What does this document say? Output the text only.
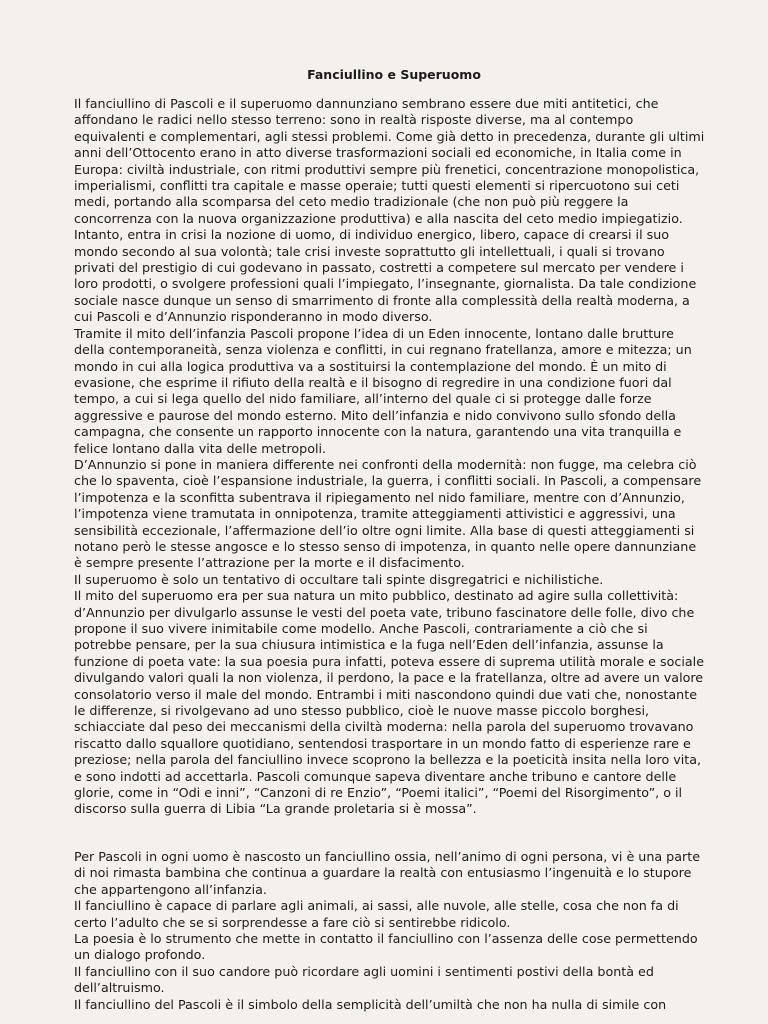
Fanciullino e Superuomo

Il fanciullino di Pascoli e il superuomo dannunziano sembrano essere due miti antitetici, che affondano le radici nello stesso terreno: sono in realtà risposte diverse, ma al contempo equivalenti e complementari, agli stessi problemi. Come già detto in precedenza, durante gli ultimi anni dell’Ottocento erano in atto diverse trasformazioni sociali ed economiche, in Italia come in Europa: civiltà industriale, con ritmi produttivi sempre più frenetici, concentrazione monopolistica, imperialismi, conflitti tra capitale e masse operaie; tutti questi elementi si ripercuotono sui ceti medi, portando alla scomparsa del ceto medio tradizionale (che non può più reggere la concorrenza con la nuova organizzazione produttiva) e alla nascita del ceto medio impiegatizio. Intanto, entra in crisi la nozione di uomo, di individuo energico, libero, capace di crearsi il suo mondo secondo al sua volontà; tale crisi investe soprattutto gli intellettuali, i quali si trovano privati del prestigio di cui godevano in passato, costretti a competere sul mercato per vendere i loro prodotti, o svolgere professioni quali l’impiegato, l’insegnante, giornalista. Da tale condizione sociale nasce dunque un senso di smarrimento di fronte alla complessità della realtà moderna, a cui Pascoli e d’Annunzio risponderanno in modo diverso.

Tramite il mito dell’infanzia Pascoli propone l’idea di un Eden innocente, lontano dalle brutture della contemporaneità, senza violenza e conflitti, in cui regnano fratellanza, amore e mitezza; un mondo in cui alla logica produttiva va a sostituirsi la contemplazione del mondo. È un mito di evasione, che esprime il rifiuto della realtà e il bisogno di regredire in una condizione fuori dal tempo, a cui si lega quello del nido familiare, all’interno del quale ci si protegge dalle forze aggressive e paurose del mondo esterno. Mito dell’infanzia e nido convivono sullo sfondo della campagna, che consente un rapporto innocente con la natura, garantendo una vita tranquilla e felice lontano dalla vita delle metropoli.

D’Annunzio si pone in maniera differente nei confronti della modernità: non fugge, ma celebra ciò che lo spaventa, cioè l’espansione industriale, la guerra, i conflitti sociali. In Pascoli, a compensare l’impotenza e la sconfitta subentrava il ripiegamento nel nido familiare, mentre con d’Annunzio, l’impotenza viene tramutata in onnipotenza, tramite atteggiamenti attivistici e aggressivi, una sensibilità eccezionale, l’affermazione dell’io oltre ogni limite. Alla base di questi atteggiamenti si notano però le stesse angosce e lo stesso senso di impotenza, in quanto nelle opere dannunziane è sempre presente l’attrazione per la morte e il disfacimento.

Il superuomo è solo un tentativo di occultare tali spinte disgregatrici e nichilistiche.

Il mito del superuomo era per sua natura un mito pubblico, destinato ad agire sulla collettività: d’Annunzio per divulgarlo assunse le vesti del poeta vate, tribuno fascinatore delle folle, divo che propone il suo vivere inimitabile come modello. Anche Pascoli, contrariamente a ciò che si potrebbe pensare, per la sua chiusura intimistica e la fuga nell’Eden dell’infanzia, assunse la funzione di poeta vate: la sua poesia pura infatti, poteva essere di suprema utilità morale e sociale divulgando valori quali la non violenza, il perdono, la pace e la fratellanza, oltre ad avere un valore consolatorio verso il male del mondo. Entrambi i miti nascondono quindi due vati che, nonostante le differenze, si rivolgevano ad uno stesso pubblico, cioè le nuove masse piccolo borghesi, schiacciate dal peso dei meccanismi della civiltà moderna: nella parola del superuomo trovavano riscatto dallo squallore quotidiano, sentendosi trasportare in un mondo fatto di esperienze rare e preziose; nella parola del fanciullino invece scoprono la bellezza e la poeticità insita nella loro vita, e sono indotti ad accettarla. Pascoli comunque sapeva diventare anche tribuno e cantore delle glorie, come in “Odi e inni”, “Canzoni di re Enzio”, “Poemi italici”, “Poemi del Risorgimento”, o il discorso sulla guerra di Libia “La grande proletaria si è mossa”.

Per Pascoli in ogni uomo è nascosto un fanciullino ossia, nell’animo di ogni persona, vi è una parte di noi rimasta bambina che continua a guardare la realtà con entusiasmo l’ingenuità e lo stupore che appartengono all’infanzia.

Il fanciullino è capace di parlare agli animali, ai sassi, alle nuvole, alle stelle, cosa che non fa di certo l’adulto che se si sorprendesse a fare ciò si sentirebbe ridicolo.

La poesia è lo strumento che mette in contatto il fanciullino con l’assenza delle cose permettendo un dialogo profondo.

Il fanciullino con il suo candore può ricordare agli uomini i sentimenti postivi della bontà ed dell’altruismo.

Il fanciullino del Pascoli è il simbolo della semplicità dell’umiltà che non ha nulla di simile con
